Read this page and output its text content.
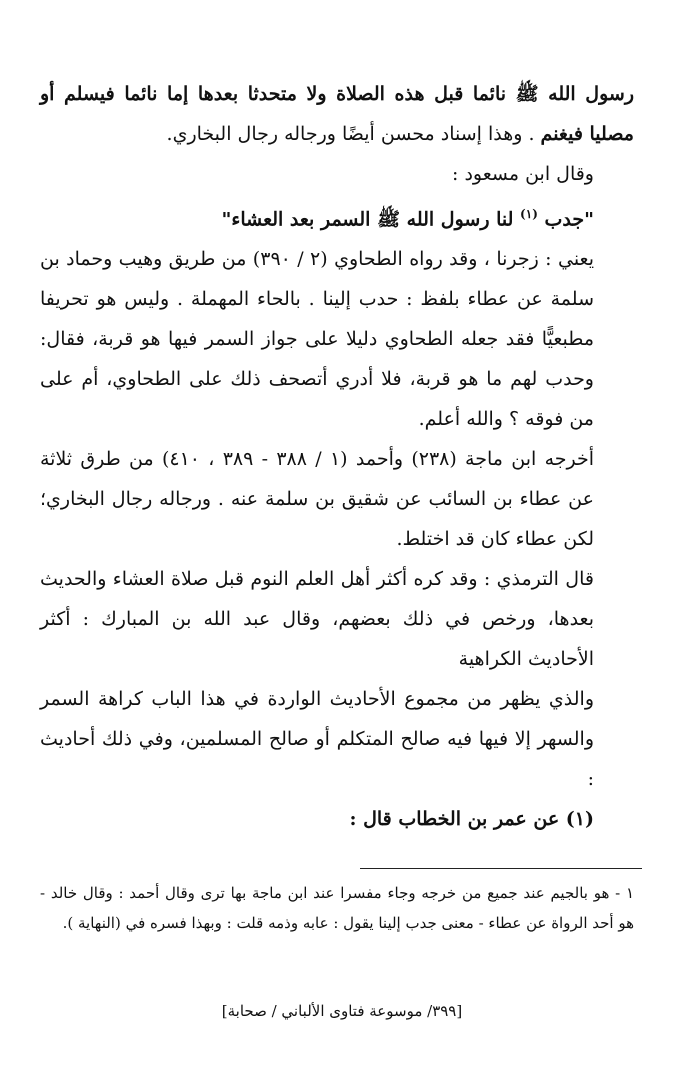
رسول الله ﷺ نائما قبل هذه الصلاة ولا متحدثا بعدها إما نائما فيسلم أو مصليا فيغنم . وهذا إسناد محسن أيضًا ورجاله رجال البخاري.

وقال ابن مسعود :

"جدب $^{(١)}$ لنا رسول الله ﷺ السمر بعد العشاء"

يعني : زجرنا ، وقد رواه الطحاوي (٢ / ٣٩٠) من طريق وهيب وحماد بن سلمة عن عطاء بلفظ : حدب إلينا . بالحاء المهملة . وليس هو تحريفا مطبعيًّا فقد جعله الطحاوي دليلا على جواز السمر فيها هو قربة، فقال: وحدب لهم ما هو قربة، فلا أدري أتصحف ذلك على الطحاوي، أم على من فوقه ؟ والله أعلم.

أخرجه ابن ماجة (٢٣٨) وأحمد (١ / ٣٨٨ - ٣٨٩ ، ٤١٠) من طرق ثلاثة عن عطاء بن السائب عن شقيق بن سلمة عنه . ورجاله رجال البخاري؛ لكن عطاء كان قد اختلط.

قال الترمذي : وقد كره أكثر أهل العلم النوم قبل صلاة العشاء والحديث بعدها، ورخص في ذلك بعضهم، وقال عبد الله بن المبارك : أكثر الأحاديث الكراهية

والذي يظهر من مجموع الأحاديث الواردة في هذا الباب كراهة السمر والسهر إلا فيها فيه صالح المتكلم أو صالح المسلمين، وفي ذلك أحاديث :

(١) عن عمر بن الخطاب قال :

١ - هو بالجيم عند جميع من خرجه وجاء مفسرا عند ابن ماجة بها ترى وقال أحمد : وقال خالد - هو أحد الرواة عن عطاء - معنى جدب إلينا يقول : عابه وذمه قلت : وبهذا فسره في (النهاية ).
[٣٩٩/ موسوعة فتاوى الألباني / صحابة]
